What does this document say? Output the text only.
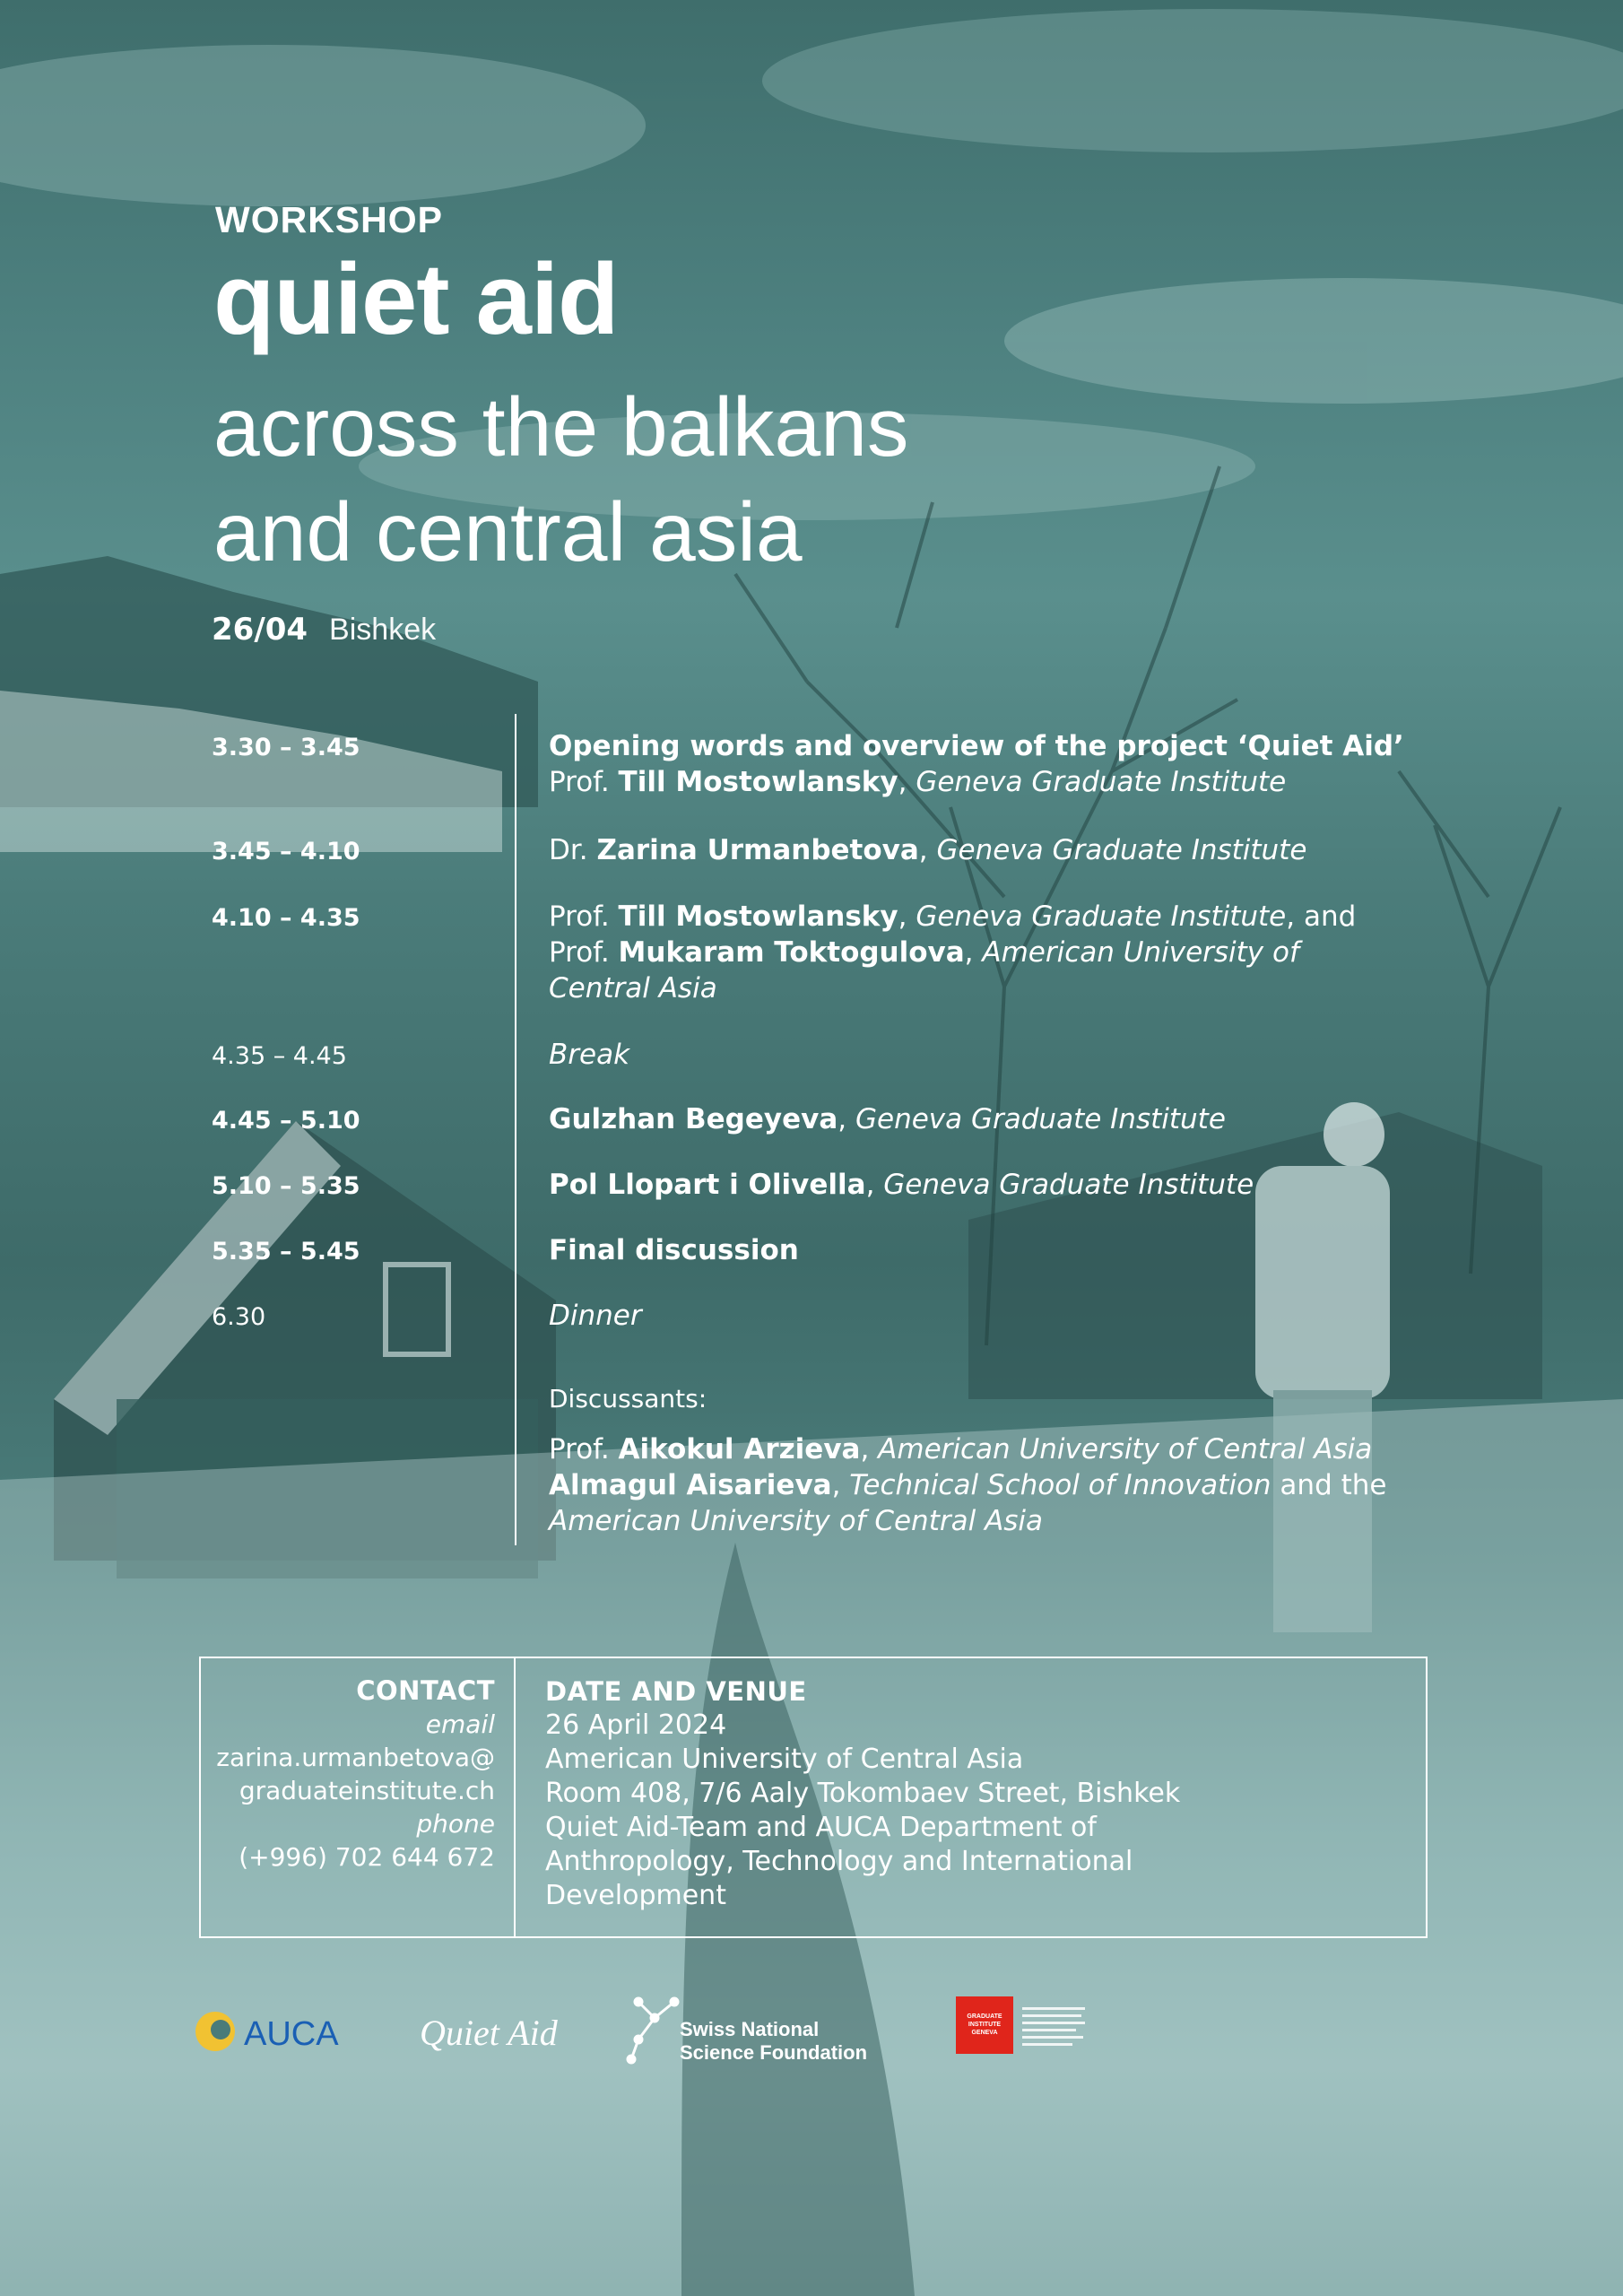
WORKSHOP
quiet aid
across the balkans
and central asia
26/04 Bishkek
3.30 – 3.45	Opening words and overview of the project ‘Quiet Aid’
Prof. Till Mostowlansky, Geneva Graduate Institute
3.45 – 4.10	Dr. Zarina Urmanbetova, Geneva Graduate Institute
4.10 – 4.35	Prof. Till Mostowlansky, Geneva Graduate Institute, and
Prof. Mukaram Toktogulova, American University of
Central Asia
4.35 – 4.45	Break
4.45 – 5.10	Gulzhan Begeyeva, Geneva Graduate Institute
5.10 – 5.35	Pol Llopart i Olivella, Geneva Graduate Institute
5.35 – 5.45	Final discussion
6.30	Dinner
Discussants:
Prof. Aikokul Arzieva, American University of Central Asia
Almagul Aisarieva, Technical School of Innovation and the
American University of Central Asia
CONTACT
email
zarina.urmanbetova@
graduateinstitute.ch
phone
(+996) 702 644 672
DATE AND VENUE
26 April 2024
American University of Central Asia
Room 408, 7/6 Aaly Tokombaev Street, Bishkek
Quiet Aid-Team and AUCA Department of
Anthropology, Technology and International
Development
AUCA Quiet Aid	Swiss National
Science Foundation
GRADUATE
INSTITUTE
GENEVA
